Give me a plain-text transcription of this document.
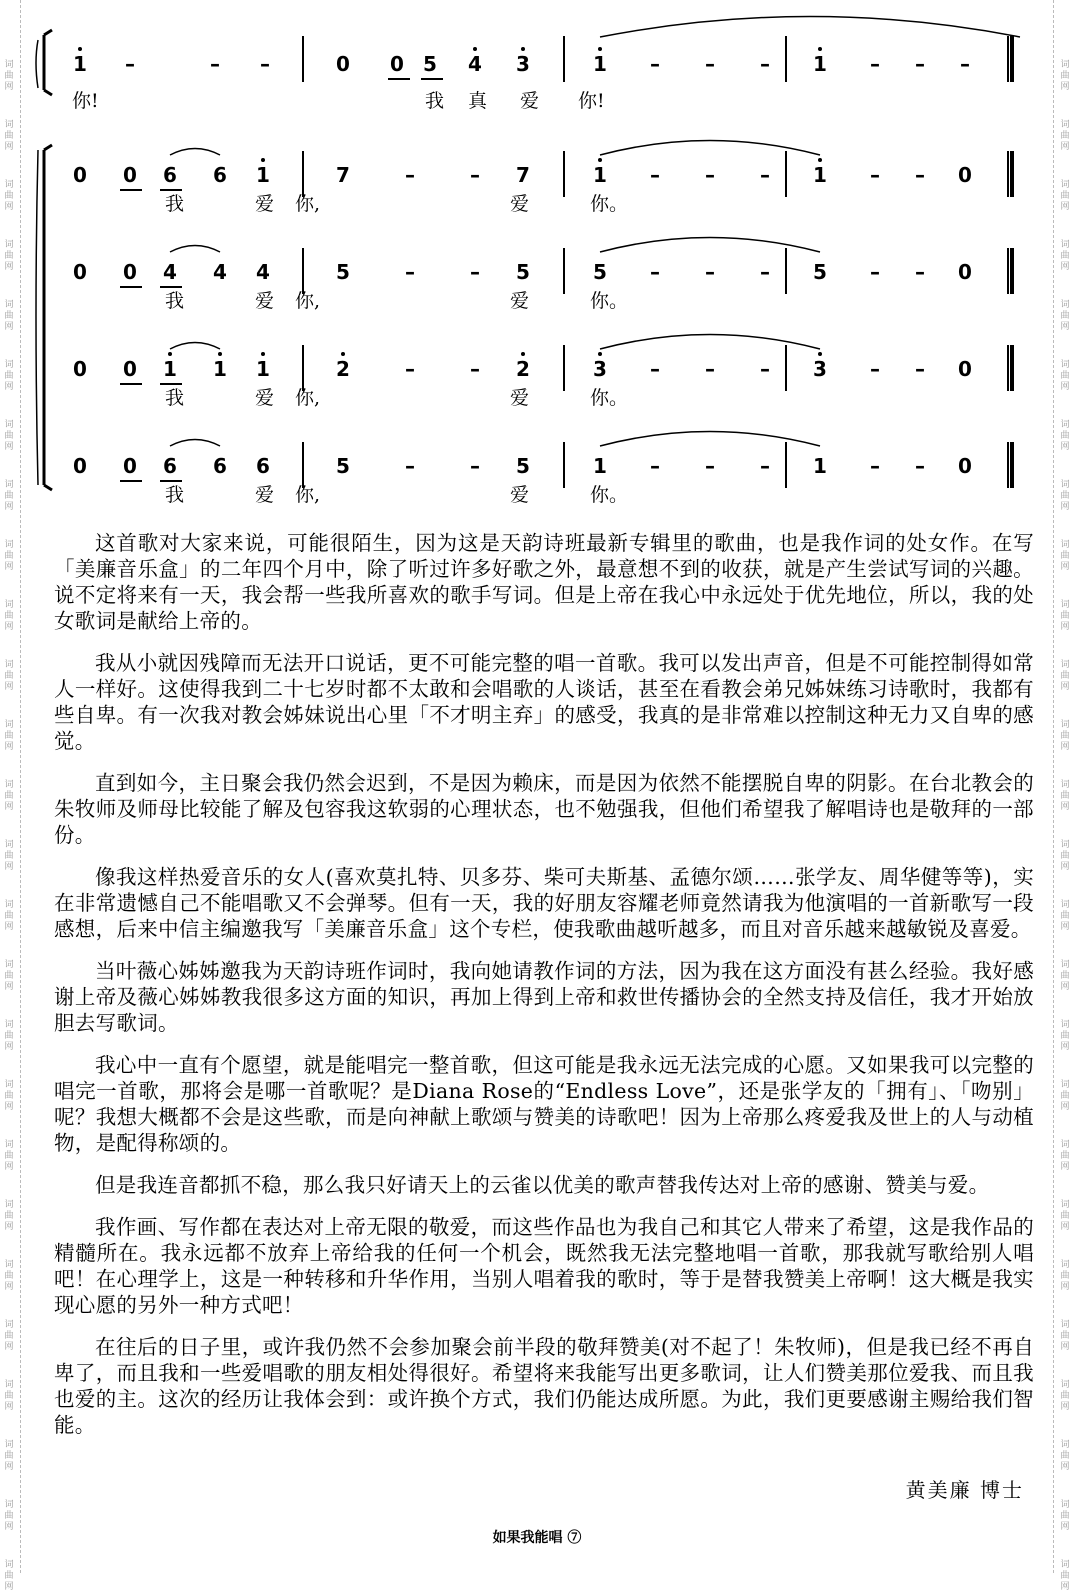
词曲网
词曲网
词曲网
词曲网
词曲网
词曲网
词曲网
词曲网
词曲网
词曲网
词曲网
词曲网
词曲网
词曲网
词曲网
词曲网
词曲网
词曲网
词曲网
词曲网
词曲网
词曲网
词曲网
词曲网
词曲网
词曲网
词曲网
词曲网
词曲网
词曲网
词曲网
词曲网
词曲网
词曲网
词曲网
词曲网
词曲网
词曲网
词曲网
词曲网
词曲网
词曲网
词曲网
词曲网
词曲网
词曲网
词曲网
词曲网
词曲网
词曲网
词曲网
词曲网
1 –	– –	0 0 5 4 3	1 – – – 1 – – –
你!	我 真 爱 你!
0 0 6 6 1	7	–	– 7	1 – – – 1 – – 0
我	爱 你,	爱	你。
0 0 4 4 4	5	–	– 5	5 – – – 5 – – 0
我	爱 你,	爱	你。
0 0 1 1 1	2	–	– 2	3 – – – 3 – – 0
我	爱 你,	爱	你。
0 0 6 6 6	5	–	– 5	1 – – – 1 – – 0
我	爱 你,	爱	你。

这首歌对大家来说，可能很陌生，因为这是天韵诗班最新专辑里的歌曲，也是我作词的处女作。在写「美廉音乐盒」的二年四个月中，除了听过许多好歌之外，最意想不到的收获，就是产生尝试写词的兴趣。说不定将来有一天，我会帮一些我所喜欢的歌手写词。但是上帝在我心中永远处于优先地位，所以，我的处女歌词是献给上帝的。

我从小就因残障而无法开口说话，更不可能完整的唱一首歌。我可以发出声音，但是不可能控制得如常人一样好。这使得我到二十七岁时都不太敢和会唱歌的人谈话，甚至在看教会弟兄姊妹练习诗歌时，我都有些自卑。有一次我对教会姊妹说出心里「不才明主弃」的感受，我真的是非常难以控制这种无力又自卑的感觉。

直到如今，主日聚会我仍然会迟到，不是因为赖床，而是因为依然不能摆脱自卑的阴影。在台北教会的朱牧师及师母比较能了解及包容我这软弱的心理状态，也不勉强我，但他们希望我了解唱诗也是敬拜的一部份。

像我这样热爱音乐的女人(喜欢莫扎特、贝多芬、柴可夫斯基、孟德尔颂……张学友、周华健等等)，实在非常遗憾自己不能唱歌又不会弹琴。但有一天，我的好朋友容耀老师竟然请我为他演唱的一首新歌写一段感想，后来中信主编邀我写「美廉音乐盒」这个专栏，使我歌曲越听越多，而且对音乐越来越敏锐及喜爱。

当叶薇心姊姊邀我为天韵诗班作词时，我向她请教作词的方法，因为我在这方面没有甚么经验。我好感谢上帝及薇心姊姊教我很多这方面的知识，再加上得到上帝和救世传播协会的全然支持及信任，我才开始放胆去写歌词。

我心中一直有个愿望，就是能唱完一整首歌，但这可能是我永远无法完成的心愿。又如果我可以完整的唱完一首歌，那将会是哪一首歌呢？是Diana Rose的“Endless Love”，还是张学友的「拥有」、「吻别」呢？我想大概都不会是这些歌，而是向神献上歌颂与赞美的诗歌吧！因为上帝那么疼爱我及世上的人与动植物，是配得称颂的。

但是我连音都抓不稳，那么我只好请天上的云雀以优美的歌声替我传达对上帝的感谢、赞美与爱。

我作画、写作都在表达对上帝无限的敬爱，而这些作品也为我自己和其它人带来了希望，这是我作品的精髓所在。我永远都不放弃上帝给我的任何一个机会，既然我无法完整地唱一首歌，那我就写歌给别人唱吧！在心理学上，这是一种转移和升华作用，当别人唱着我的歌时，等于是替我赞美上帝啊！这大概是我实现心愿的另外一种方式吧！

在往后的日子里，或许我仍然不会参加聚会前半段的敬拜赞美(对不起了！朱牧师)，但是我已经不再自卑了，而且我和一些爱唱歌的朋友相处得很好。希望将来我能写出更多歌词，让人们赞美那位爱我、而且我也爱的主。这次的经历让我体会到：或许换个方式，我们仍能达成所愿。为此，我们更要感谢主赐给我们智能。

黄美廉 博士
如果我能唱 ⑦
